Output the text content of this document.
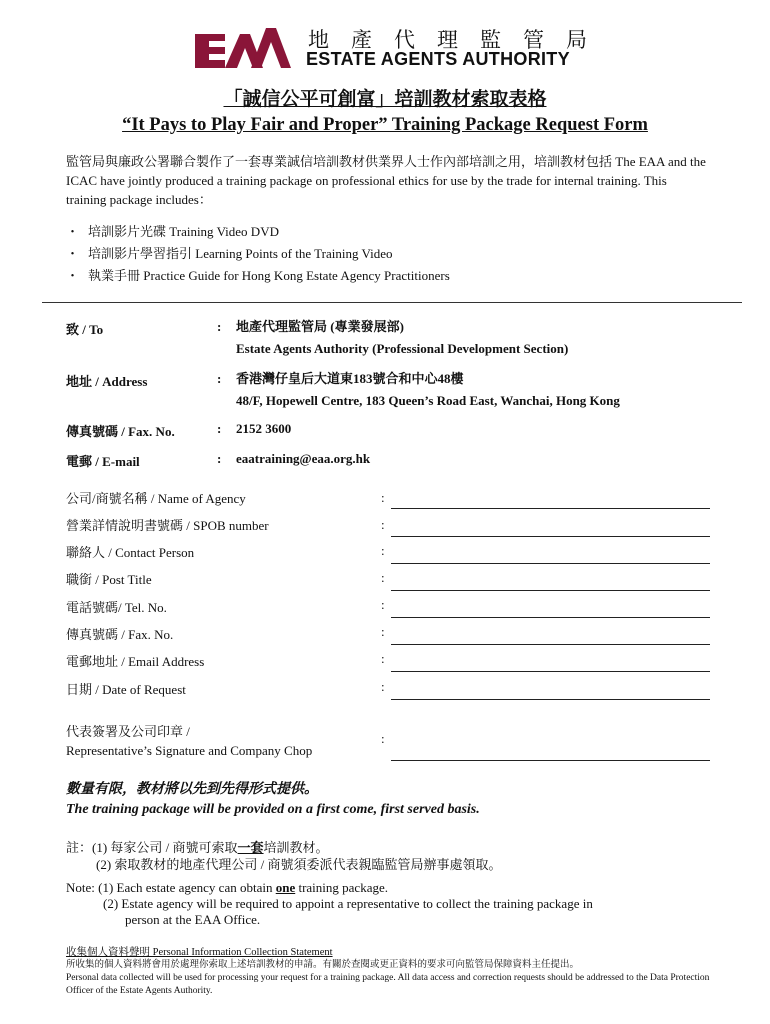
地產代理監管局
ESTATE AGENTS AUTHORITY
「誠信公平可創富」培訓教材索取表格
“It Pays to Play Fair and Proper” Training Package Request Form
監管局與廉政公署聯合製作了一套專業誠信培訓教材供業界人士作內部培訓之用，培訓教材包括 The EAA and the ICAC have jointly produced a training package on professional ethics for use by the trade for internal training. This training package includes：
・ 培訓影片光碟 Training Video DVD
・ 培訓影片學習指引 Learning Points of the Training Video
・ 執業手冊 Practice Guide for Hong Kong Estate Agency Practitioners
致 / To	: 地產代理監管局 (專業發展部)
Estate Agents Authority (Professional Development Section)
地址 / Address	: 香港灣仔皇后大道東183號合和中心48樓
48/F, Hopewell Centre, 183 Queen’s Road East, Wanchai, Hong Kong
傳真號碼 / Fax. No.	: 2152 3600
電郵 / E-mail	: eaatraining@eaa.org.hk
公司/商號名稱 / Name of Agency	:
營業詳情說明書號碼 / SPOB number	:
聯絡人 / Contact Person	:
職銜 / Post Title	:
電話號碼/ Tel. No.	:
傳真號碼 / Fax. No.	:
電郵地址 / Email Address	:
日期 / Date of Request	:
代表簽署及公司印章 /
Representative’s Signature and Company Chop
:
數量有限，教材將以先到先得形式提供。
The training package will be provided on a first come, first served basis.
註：(1) 每家公司 / 商號可索取一套培訓教材。
(2) 索取教材的地產代理公司 / 商號須委派代表親臨監管局辦事處領取。
Note: (1) Each estate agency can obtain one training package.
(2) Estate agency will be required to appoint a representative to collect the training package in
person at the EAA Office.
收集個人資料聲明 Personal Information Collection Statement
所收集的個人資料將會用於處理你索取上述培訓教材的申請。有關於查閱或更正資料的要求可向監管局保障資料主任提出。
Personal data collected will be used for processing your request for a training package. All data access and correction requests should be addressed to the Data Protection Officer of the Estate Agents Authority.
